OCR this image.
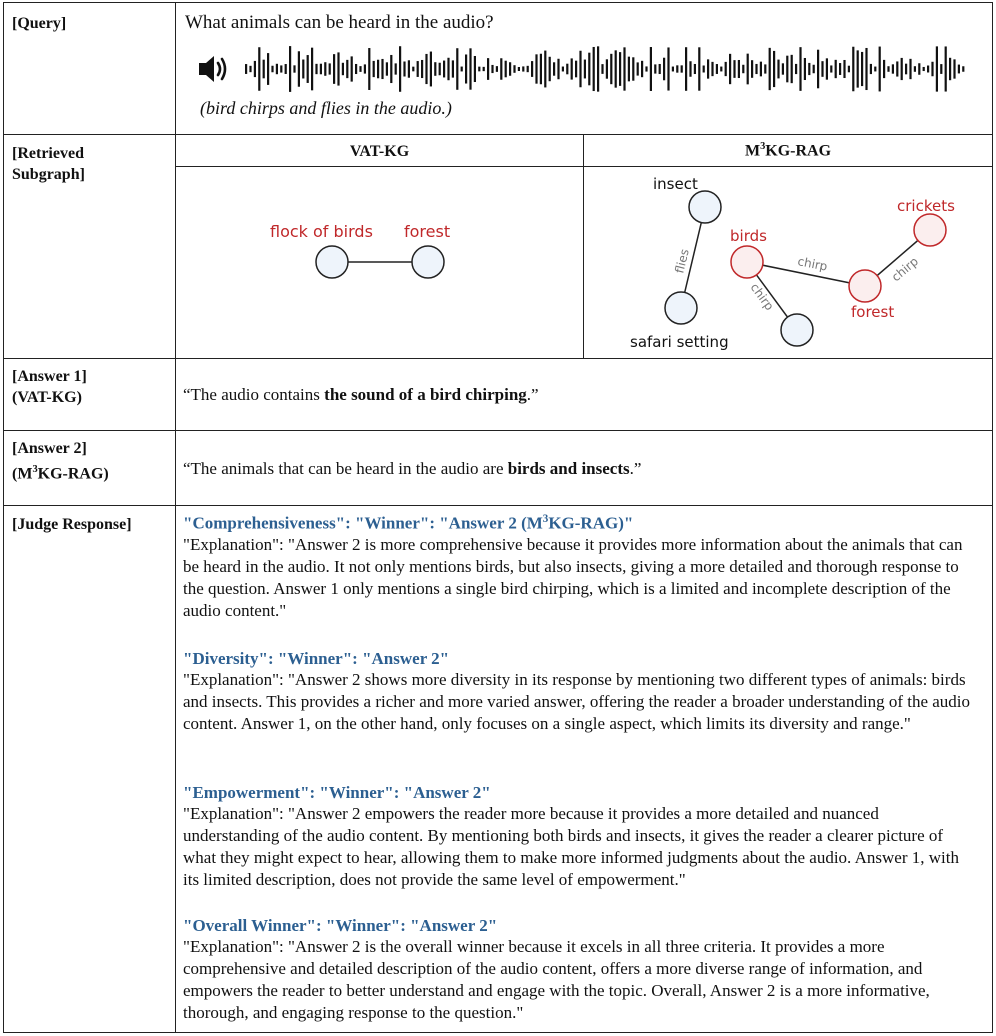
[Query]	What animals can be heard in the audio?
(bird chirps and flies in the audio.)
[Retrieved
Subgraph]
VAT-KG	$M^3KG$-RAG
flock of birds forest
insect
safari setting
birds
crickets
forest
flies	chirp
chirp
chirp
[Answer 1]
(VAT-KG)	“The audio contains the sound of a bird chirping.”
[Answer 2]
$(M^3KG-RAG)$	“The animals that can be heard in the audio are birds and insects.”
[Judge Response]	"Comprehensiveness": "Winner": "Answer 2 $(M^3KG-RAG)$"
"Explanation": "Answer 2 is more comprehensive because it provides more information about the animals that can be heard in the audio. It not only mentions birds, but also insects, giving a more detailed and thorough response to the question. Answer 1 only mentions a single bird chirping, which is a limited and incomplete description of the audio content."
"Diversity": "Winner": "Answer 2"
"Explanation": "Answer 2 shows more diversity in its response by mentioning two different types of animals: birds and insects. This provides a richer and more varied answer, offering the reader a broader understanding of the audio content. Answer 1, on the other hand, only focuses on a single aspect, which limits its diversity and range."
"Empowerment": "Winner": "Answer 2"
"Explanation": "Answer 2 empowers the reader more because it provides a more detailed and nuanced understanding of the audio content. By mentioning both birds and insects, it gives the reader a clearer picture of what they might expect to hear, allowing them to make more informed judgments about the audio. Answer 1, with its limited description, does not provide the same level of empowerment."
"Overall Winner": "Winner": "Answer 2"
"Explanation": "Answer 2 is the overall winner because it excels in all three criteria. It provides a more comprehensive and detailed description of the audio content, offers a more diverse range of information, and empowers the reader to better understand and engage with the topic. Overall, Answer 2 is a more informative, thorough, and engaging response to the question."
